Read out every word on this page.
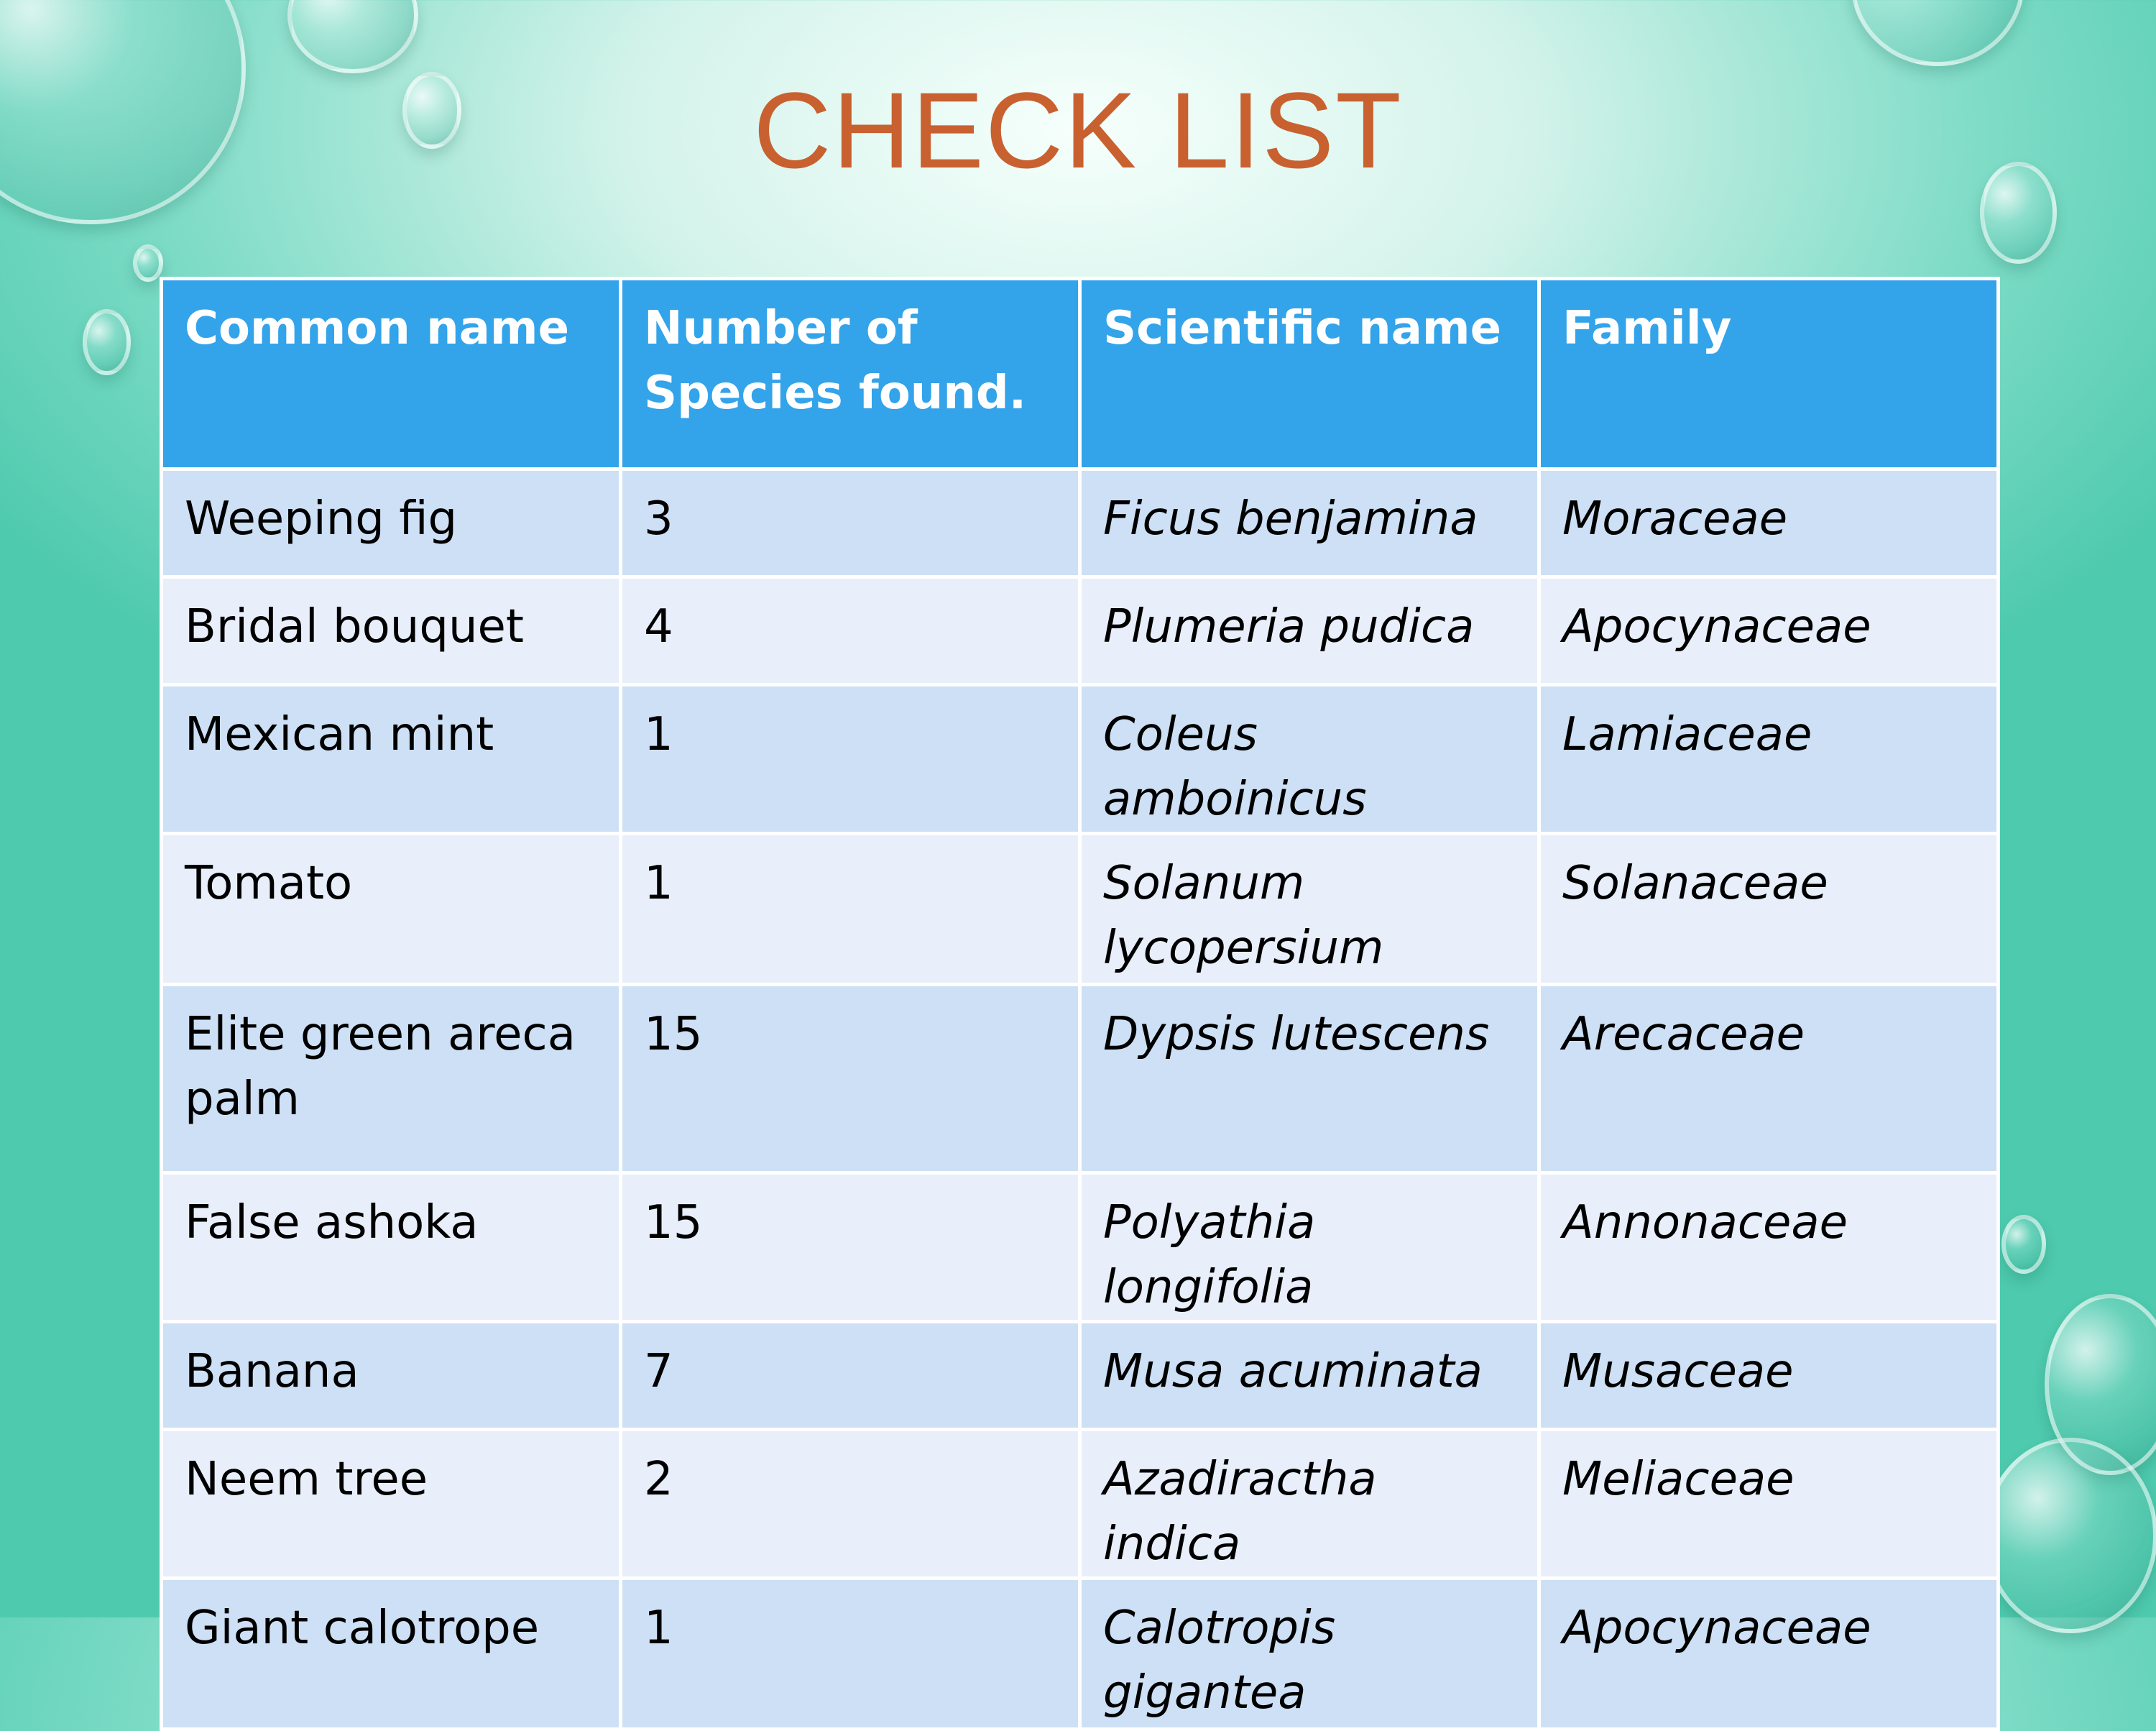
CHECK LIST
Common name	Number of Species found.	Scientific name	Family
Weeping fig	3	Ficus benjamina	Moraceae
Bridal bouquet	4	Plumeria pudica	Apocynaceae
Mexican mint	1	Coleus amboinicus	Lamiaceae
Tomato	1	Solanum lycopersium	Solanaceae
Elite green areca palm	15	Dypsis lutescens	Arecaceae
False ashoka	15	Polyathia longifolia	Annonaceae
Banana	7	Musa acuminata	Musaceae
Neem tree	2	Azadiractha indica	Meliaceae
Giant calotrope	1	Calotropis gigantea	Apocynaceae
